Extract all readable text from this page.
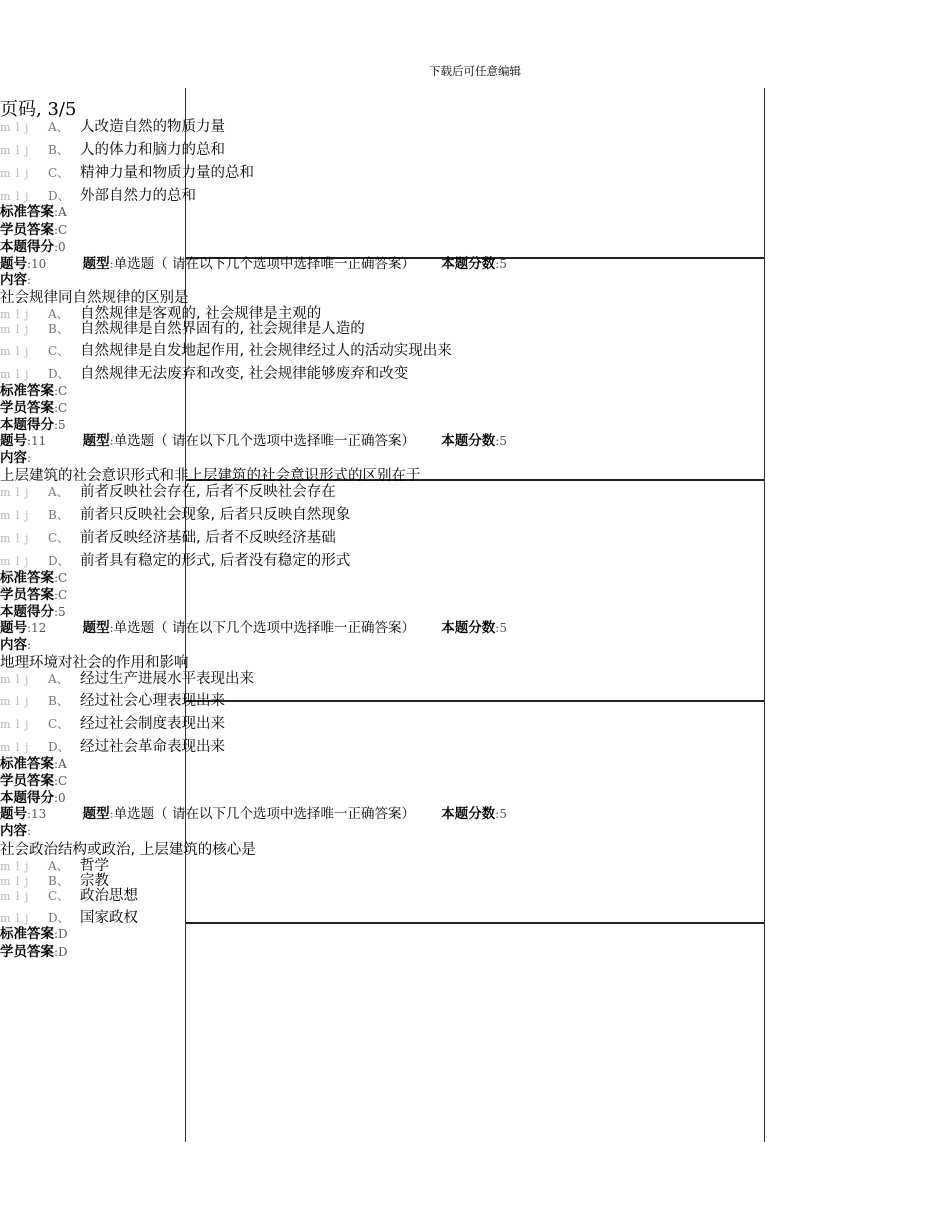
下载后可任意编辑
页码, 3/5
m l j A、 人改造自然的物质力量
m l j B、 人的体力和脑力的总和
m l j C、 精神力量和物质力量的总和
m l j D、 外部自然力的总和
标准答案:A
学员答案:C
本题得分:0
题号:10	题型:单选题（ 请在以下几个选项中选择唯一正确答案） 本题分数:5
内容:
社会规律同自然规律的区别是
m l j A、 自然规律是客观的, 社会规律是主观的
m l j B、 自然规律是自然界固有的, 社会规律是人造的
m l j C、 自然规律是自发地起作用, 社会规律经过人的活动实现出来
m l j D、 自然规律无法废弃和改变, 社会规律能够废弃和改变
标准答案:C
学员答案:C
本题得分:5
题号:11	题型:单选题（ 请在以下几个选项中选择唯一正确答案） 本题分数:5
内容:
上层建筑的社会意识形式和非上层建筑的社会意识形式的区别在于
m l j A、 前者反映社会存在, 后者不反映社会存在
m l j B、 前者只反映社会现象, 后者只反映自然现象
m l j C、 前者反映经济基础, 后者不反映经济基础
m l j D、 前者具有稳定的形式, 后者没有稳定的形式
标准答案:C
学员答案:C
本题得分:5
题号:12	题型:单选题（ 请在以下几个选项中选择唯一正确答案） 本题分数:5
内容:
地理环境对社会的作用和影响
m l j A、 经过生产进展水平表现出来
m l j B、 经过社会心理表现出来
m l j C、 经过社会制度表现出来
m l j D、 经过社会革命表现出来
标准答案:A
学员答案:C
本题得分:0
题号:13	题型:单选题（ 请在以下几个选项中选择唯一正确答案） 本题分数:5
内容:
社会政治结构或政治, 上层建筑的核心是
m l j A、 哲学
m l j B、 宗教
m l j C、 政治思想
m l j D、 国家政权
标准答案:D
学员答案:D
